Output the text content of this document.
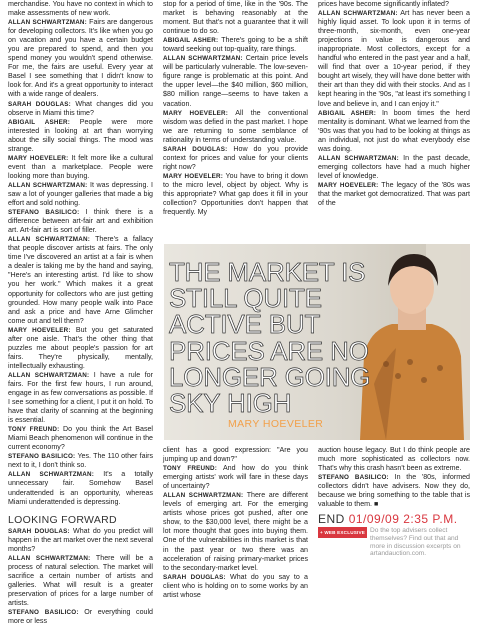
merchandise. You have no context in which to make assessments of new work.

ALLAN SCHWARTZMAN: Fairs are dangerous for developing collectors. It's like when you go on vacation and you have a certain budget you are prepared to spend, and then you spend money you wouldn't spend otherwise. For me, the fairs are useful. Every year at Basel I see something that I didn't know to look for. And it's a great opportunity to interact with a wide range of dealers.

SARAH DOUGLAS: What changes did you observe in Miami this time?

ABIGAIL ASHER: People were more interested in looking at art than worrying about the silly social things. The mood was strange.

MARY HOEVELER: It felt more like a cultural event than a marketplace. People were looking more than buying.

ALLAN SCHWARTZMAN: It was depressing. I saw a lot of younger galleries that made a big effort and sold nothing.

STEFANO BASILICO: I think there is a difference between art-fair art and exhibition art. Art-fair art is sort of filler.

ALLAN SCHWARTZMAN: There's a fallacy that people discover artists at fairs. The only time I've discovered an artist at a fair is when a dealer is taking me by the hand and saying, "Here's an interesting artist. I'd like to show you her work." Which makes it a great opportunity for collectors who are just getting grounded. How many people walk into Pace and ask a price and have Arne Glimcher come out and tell them?

MARY HOEVELER: But you get saturated after one aisle. That's the other thing that puzzles me about people's passion for art fairs. They're physically, mentally, intellectually exhausting.

ALLAN SCHWARTZMAN: I have a rule for fairs. For the first few hours, I run around, engage in as few conversations as possible. If I see something for a client, I put it on hold. To have that clarity of scanning at the beginning is essential.

TONY FREUND: Do you think the Art Basel Miami Beach phenomenon will continue in the current economy?

STEFANO BASILICO: Yes. The 110 other fairs next to it, I don't think so.

ALLAN SCHWARTZMAN: It's a totally unnecessary fair. Somehow Basel underattended is an opportunity, whereas Miami underattended is depressing.

LOOKING FORWARD

SARAH DOUGLAS: What do you predict will happen in the art market over the next several months?

ALLAN SCHWARTZMAN: There will be a process of natural selection. The market will sacrifice a certain number of artists and galleries. What will result is a greater preservation of prices for a large number of artists.

STEFANO BASILICO: Or everything could more or less

stop for a period of time, like in the '90s. The market is behaving reasonably at the moment. But that's not a guarantee that it will continue to do so.

ABIGAIL ASHER: There's going to be a shift toward seeking out top-quality, rare things.

ALLAN SCHWARTZMAN: Certain price levels will be particularly vulnerable. The low-seven-figure range is problematic at this point. And the upper level—the $40 million, $60 million, $80 million range—seems to have taken a vacation.

MARY HOEVELER: All the conventional wisdom was defied in the past market. I hope we are returning to some semblance of rationality in terms of understanding value.

SARAH DOUGLAS: How do you provide context for prices and value for your clients right now?

MARY HOEVELER: You have to bring it down to the micro level, object by object. Why is this appropriate? What gap does it fill in your collection? Opportunities don't happen that frequently. My

prices have become significantly inflated?

ALLAN SCHWARTZMAN: Art has never been a highly liquid asset. To look upon it in terms of three-month, six-month, even one-year projections in value is dangerous and inappropriate. Most collectors, except for a handful who entered in the past year and a half, will find that over a 10-year period, if they bought art wisely, they will have done better with their art than they did with their stocks. And as I kept hearing in the '90s, "at least it's something I love and believe in, and I can enjoy it."

ABIGAIL ASHER: In boom times the herd mentality is dominant. What we learned from the '90s was that you had to be looking at things as an individual, not just do what everybody else was doing.

ALLAN SCHWARTZMAN: In the past decade, emerging collectors have had a much higher level of knowledge.

MARY HOEVELER: The legacy of the '80s was that the market got democratized. That was part of the

THE MARKET IS STILL QUITE ACTIVE BUT PRICES ARE NO LONGER GOING SKY HIGH

MARY HOEVELER

client has a good expression: "Are you jumping up and down?"

TONY FREUND: And how do you think emerging artists' work will fare in these days of uncertainty?

ALLAN SCHWARTZMAN: There are different levels of emerging art. For the emerging artists whose prices got pushed, after one show, to the $30,000 level, there might be a lot more thought that goes into buying them. One of the vulnerabilities in this market is that in the past year or two there was an acceleration of raising primary-market prices to the secondary-market level.

SARAH DOUGLAS: What do you say to a client who is holding on to some works by an artist whose

auction house legacy. But I do think people are much more sophisticated as collectors now. That's why this crash hasn't been as extreme.

STEFANO BASILICO: In the '80s, informed collectors didn't have advisers. Now they do, because we bring something to the table that is valuable to them. ■

END 01/09/09 2:35 P.M.

+ WEB EXCLUSIVE Do the top advisers collect themselves? Find out that and more in discussion excerpts on artandauction.com.
